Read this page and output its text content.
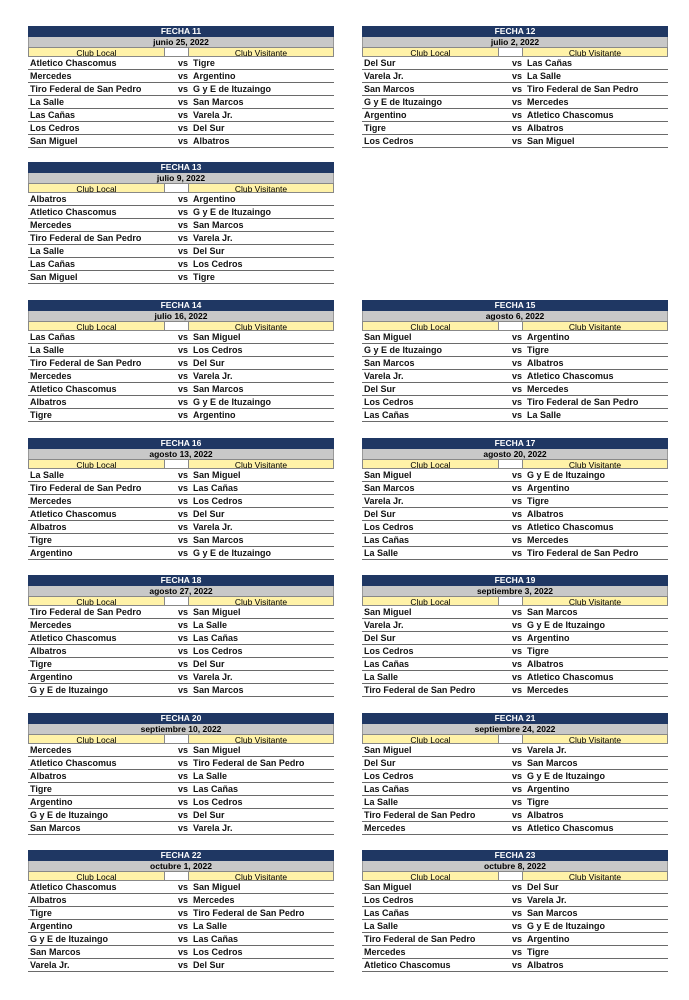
FECHA 11
junio 25, 2022
Club Local	Club Visitante
Atletico Chascomus	vs Tigre
Mercedes	vs Argentino
Tiro Federal de San Pedro	vs G y E de Ituzaingo
La Salle	vs San Marcos
Las Cañas	vs Varela Jr.
Los Cedros	vs Del Sur
San Miguel	vs Albatros
FECHA 12
julio 2, 2022
Club Local	Club Visitante
Del Sur	vs Las Cañas
Varela Jr.	vs La Salle
San Marcos	vs Tiro Federal de San Pedro
G y E de Ituzaingo	vs Mercedes
Argentino	vs Atletico Chascomus
Tigre	vs Albatros
Los Cedros	vs San Miguel
FECHA 13
julio 9, 2022
Club Local	Club Visitante
Albatros	vs Argentino
Atletico Chascomus	vs G y E de Ituzaingo
Mercedes	vs San Marcos
Tiro Federal de San Pedro	vs Varela Jr.
La Salle	vs Del Sur
Las Cañas	vs Los Cedros
San Miguel	vs Tigre
FECHA 14
julio 16, 2022
Club Local	Club Visitante
Las Cañas	vs San Miguel
La Salle	vs Los Cedros
Tiro Federal de San Pedro	vs Del Sur
Mercedes	vs Varela Jr.
Atletico Chascomus	vs San Marcos
Albatros	vs G y E de Ituzaingo
Tigre	vs Argentino
FECHA 15
agosto 6, 2022
Club Local	Club Visitante
San Miguel	vs Argentino
G y E de Ituzaingo	vs Tigre
San Marcos	vs Albatros
Varela Jr.	vs Atletico Chascomus
Del Sur	vs Mercedes
Los Cedros	vs Tiro Federal de San Pedro
Las Cañas	vs La Salle
FECHA 16
agosto 13, 2022
Club Local	Club Visitante
La Salle	vs San Miguel
Tiro Federal de San Pedro	vs Las Cañas
Mercedes	vs Los Cedros
Atletico Chascomus	vs Del Sur
Albatros	vs Varela Jr.
Tigre	vs San Marcos
Argentino	vs G y E de Ituzaingo
FECHA 17
agosto 20, 2022
Club Local	Club Visitante
San Miguel	vs G y E de Ituzaingo
San Marcos	vs Argentino
Varela Jr.	vs Tigre
Del Sur	vs Albatros
Los Cedros	vs Atletico Chascomus
Las Cañas	vs Mercedes
La Salle	vs Tiro Federal de San Pedro
FECHA 18
agosto 27, 2022
Club Local	Club Visitante
Tiro Federal de San Pedro	vs San Miguel
Mercedes	vs La Salle
Atletico Chascomus	vs Las Cañas
Albatros	vs Los Cedros
Tigre	vs Del Sur
Argentino	vs Varela Jr.
G y E de Ituzaingo	vs San Marcos
FECHA 19
septiembre 3, 2022
Club Local	Club Visitante
San Miguel	vs San Marcos
Varela Jr.	vs G y E de Ituzaingo
Del Sur	vs Argentino
Los Cedros	vs Tigre
Las Cañas	vs Albatros
La Salle	vs Atletico Chascomus
Tiro Federal de San Pedro	vs Mercedes
FECHA 20
septiembre 10, 2022
Club Local	Club Visitante
Mercedes	vs San Miguel
Atletico Chascomus	vs Tiro Federal de San Pedro
Albatros	vs La Salle
Tigre	vs Las Cañas
Argentino	vs Los Cedros
G y E de Ituzaingo	vs Del Sur
San Marcos	vs Varela Jr.
FECHA 21
septiembre 24, 2022
Club Local	Club Visitante
San Miguel	vs Varela Jr.
Del Sur	vs San Marcos
Los Cedros	vs G y E de Ituzaingo
Las Cañas	vs Argentino
La Salle	vs Tigre
Tiro Federal de San Pedro	vs Albatros
Mercedes	vs Atletico Chascomus
FECHA 22
octubre 1, 2022
Club Local	Club Visitante
Atletico Chascomus	vs San Miguel
Albatros	vs Mercedes
Tigre	vs Tiro Federal de San Pedro
Argentino	vs La Salle
G y E de Ituzaingo	vs Las Cañas
San Marcos	vs Los Cedros
Varela Jr.	vs Del Sur
FECHA 23
octubre 8, 2022
Club Local	Club Visitante
San Miguel	vs Del Sur
Los Cedros	vs Varela Jr.
Las Cañas	vs San Marcos
La Salle	vs G y E de Ituzaingo
Tiro Federal de San Pedro	vs Argentino
Mercedes	vs Tigre
Atletico Chascomus	vs Albatros
